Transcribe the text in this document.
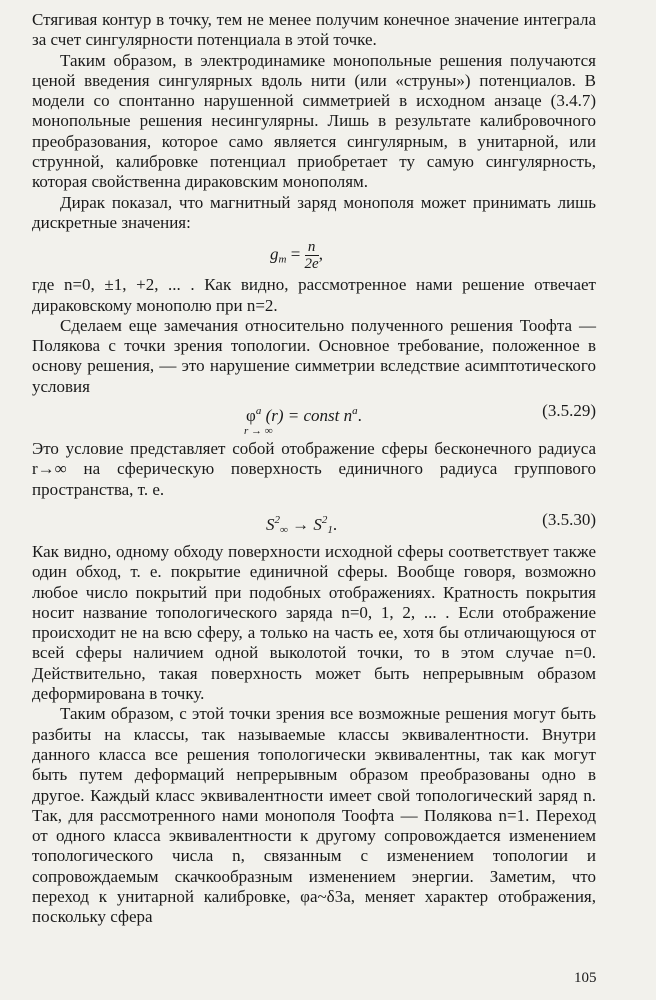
Стягивая контур в точку, тем не менее получим конечное значение интеграла за счет сингулярности потенциала в этой точке.

Таким образом, в электродинамике монопольные решения получаются ценой введения сингулярных вдоль нити (или «струны») потенциалов. В модели со спонтанно нарушенной симметрией в исходном анзаце (3.4.7) монопольные решения несингулярны. Лишь в результате калибровочного преобразования, которое само является сингулярным, в унитарной, или струнной, калибровке потенциал приобретает ту самую сингулярность, которая свойственна дираковским монополям.

Дирак показал, что магнитный заряд монополя может принимать лишь дискретные значения:

$g_m = \frac{n}{2e}$ ,

где n=0, ±1, +2, ... . Как видно, рассмотренное нами решение отвечает дираковскому монополю при n=2.

Сделаем еще замечания относительно полученного решения Тоофта — Полякова с точки зрения топологии. Основное требование, положенное в основу решения, — это нарушение симметрии вследствие асимптотического условия

$\varphi^a$ (r) = const $n^a$.
r → ∞
(3.5.29)

Это условие представляет собой отображение сферы бесконечного радиуса r→∞ на сферическую поверхность единичного радиуса группового пространства, т. е.

$S^2_\infty \to S^2_1$.	(3.5.30)

Как видно, одному обходу поверхности исходной сферы соответствует также один обход, т. е. покрытие единичной сферы. Вообще говоря, возможно любое число покрытий при подобных отображениях. Кратность покрытия носит название топологического заряда n=0, 1, 2, ... . Если отображение происходит не на всю сферу, а только на часть ее, хотя бы отличающуюся от всей сферы наличием одной выколотой точки, то в этом случае n=0. Действительно, такая поверхность может быть непрерывным образом деформирована в точку.

Таким образом, с этой точки зрения все возможные решения могут быть разбиты на классы, так называемые классы эквивалентности. Внутри данного класса все решения топологически эквивалентны, так как могут быть путем деформаций непрерывным образом преобразованы одно в другое. Каждый класс эквивалентности имеет свой топологический заряд n. Так, для рассмотренного нами монополя Тоофта — Полякова n=1. Переход от одного класса эквивалентности к другому сопровождается изменением топологического числа n, связанным с изменением топологии и сопровождаемым скачкообразным изменением энергии. Заметим, что переход к унитарной калибровке, φa~δ3a, меняет характер отображения, поскольку сфера

105
